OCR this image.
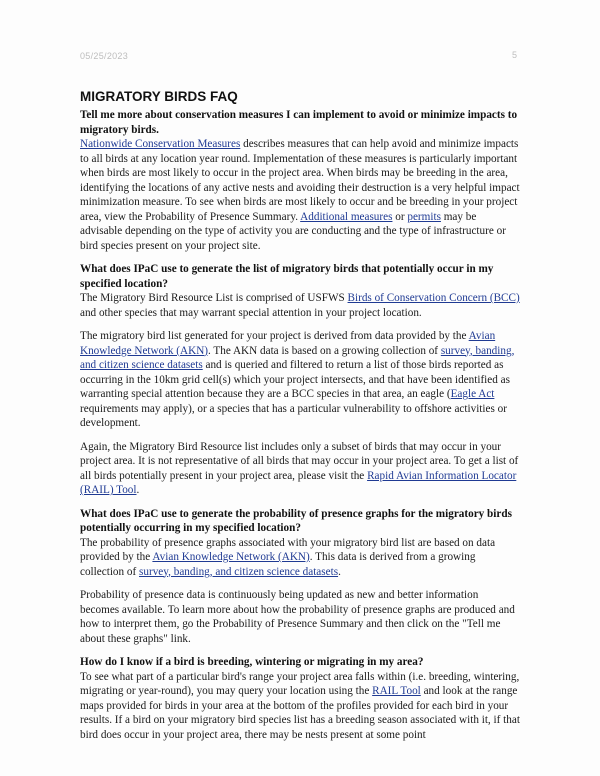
05/25/2023	5
MIGRATORY BIRDS FAQ
Tell me more about conservation measures I can implement to avoid or minimize impacts to migratory birds.

Nationwide Conservation Measures describes measures that can help avoid and minimize impacts to all birds at any location year round. Implementation of these measures is particularly important when birds are most likely to occur in the project area. When birds may be breeding in the area, identifying the locations of any active nests and avoiding their destruction is a very helpful impact minimization measure. To see when birds are most likely to occur and be breeding in your project area, view the Probability of Presence Summary. Additional measures or permits may be advisable depending on the type of activity you are conducting and the type of infrastructure or bird species present on your project site.

What does IPaC use to generate the list of migratory birds that potentially occur in my specified location?

The Migratory Bird Resource List is comprised of USFWS Birds of Conservation Concern (BCC) and other species that may warrant special attention in your project location.

The migratory bird list generated for your project is derived from data provided by the Avian Knowledge Network (AKN). The AKN data is based on a growing collection of survey, banding, and citizen science datasets and is queried and filtered to return a list of those birds reported as occurring in the 10km grid cell(s) which your project intersects, and that have been identified as warranting special attention because they are a BCC species in that area, an eagle (Eagle Act requirements may apply), or a species that has a particular vulnerability to offshore activities or development.

Again, the Migratory Bird Resource list includes only a subset of birds that may occur in your project area. It is not representative of all birds that may occur in your project area. To get a list of all birds potentially present in your project area, please visit the Rapid Avian Information Locator (RAIL) Tool.

What does IPaC use to generate the probability of presence graphs for the migratory birds potentially occurring in my specified location?

The probability of presence graphs associated with your migratory bird list are based on data provided by the Avian Knowledge Network (AKN). This data is derived from a growing collection of survey, banding, and citizen science datasets.

Probability of presence data is continuously being updated as new and better information becomes available. To learn more about how the probability of presence graphs are produced and how to interpret them, go the Probability of Presence Summary and then click on the "Tell me about these graphs" link.

How do I know if a bird is breeding, wintering or migrating in my area?

To see what part of a particular bird's range your project area falls within (i.e. breeding, wintering, migrating or year-round), you may query your location using the RAIL Tool and look at the range maps provided for birds in your area at the bottom of the profiles provided for each bird in your results. If a bird on your migratory bird species list has a breeding season associated with it, if that bird does occur in your project area, there may be nests present at some point
